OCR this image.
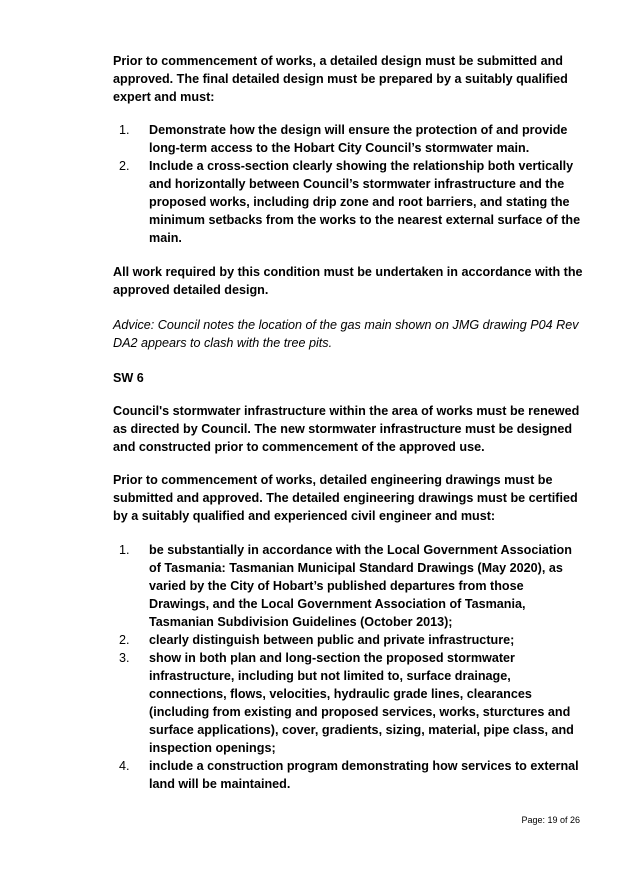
Prior to commencement of works, a detailed design must be submitted and approved. The final detailed design must be prepared by a suitably qualified expert and must:

1. Demonstrate how the design will ensure the protection of and provide long-term access to the Hobart City Council’s stormwater main.
2. Include a cross-section clearly showing the relationship both vertically and horizontally between Council’s stormwater infrastructure and the proposed works, including drip zone and root barriers, and stating the minimum setbacks from the works to the nearest external surface of the main.

All work required by this condition must be undertaken in accordance with the approved detailed design.

Advice: Council notes the location of the gas main shown on JMG drawing P04 Rev DA2 appears to clash with the tree pits.

SW 6

Council's stormwater infrastructure within the area of works must be renewed as directed by Council. The new stormwater infrastructure must be designed and constructed prior to commencement of the approved use.

Prior to commencement of works, detailed engineering drawings must be submitted and approved. The detailed engineering drawings must be certified by a suitably qualified and experienced civil engineer and must:

1. be substantially in accordance with the Local Government Association of Tasmania: Tasmanian Municipal Standard Drawings (May 2020), as varied by the City of Hobart’s published departures from those Drawings, and the Local Government Association of Tasmania, Tasmanian Subdivision Guidelines (October 2013);
2. clearly distinguish between public and private infrastructure;
3. show in both plan and long-section the proposed stormwater infrastructure, including but not limited to, surface drainage, connections, flows, velocities, hydraulic grade lines, clearances (including from existing and proposed services, works, sturctures and surface applications), cover, gradients, sizing, material, pipe class, and inspection openings;
4. include a construction program demonstrating how services to external land will be maintained.
Page: 19 of 26
